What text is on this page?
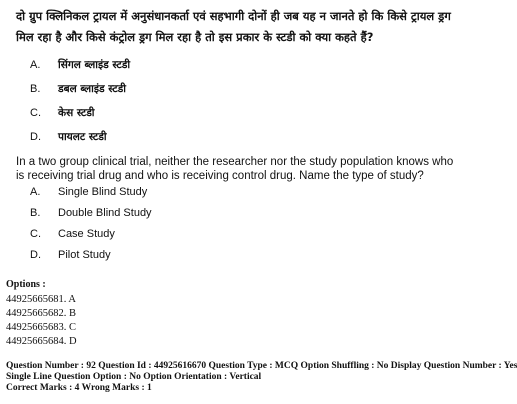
दो ग्रुप क्लिनिकल ट्रायल में अनुसंधानकर्ता एवं सहभागी दोनों ही जब यह न जानते हो कि किसे ट्रायल ड्रग मिल रहा है और किसे कंट्रोल ड्रग मिल रहा है तो इस प्रकार के स्टडी को क्या कहते हैं?
A.	सिंगल ब्लाइंड स्टडी
B.	डबल ब्लाइंड स्टडी
C.	केस स्टडी
D.	पायलट स्टडी
In a two group clinical trial, neither the researcher nor the study population knows who is receiving trial drug and who is receiving control drug. Name the type of study?
A.	Single Blind Study
B.	Double Blind Study
C.	Case Study
D.	Pilot Study
Options :
44925665681. A
44925665682. B
44925665683. C
44925665684. D
Question Number : 92 Question Id : 44925616670 Question Type : MCQ Option Shuffling : No Display Question Number : Yes
Single Line Question Option : No Option Orientation : Vertical
Correct Marks : 4 Wrong Marks : 1
